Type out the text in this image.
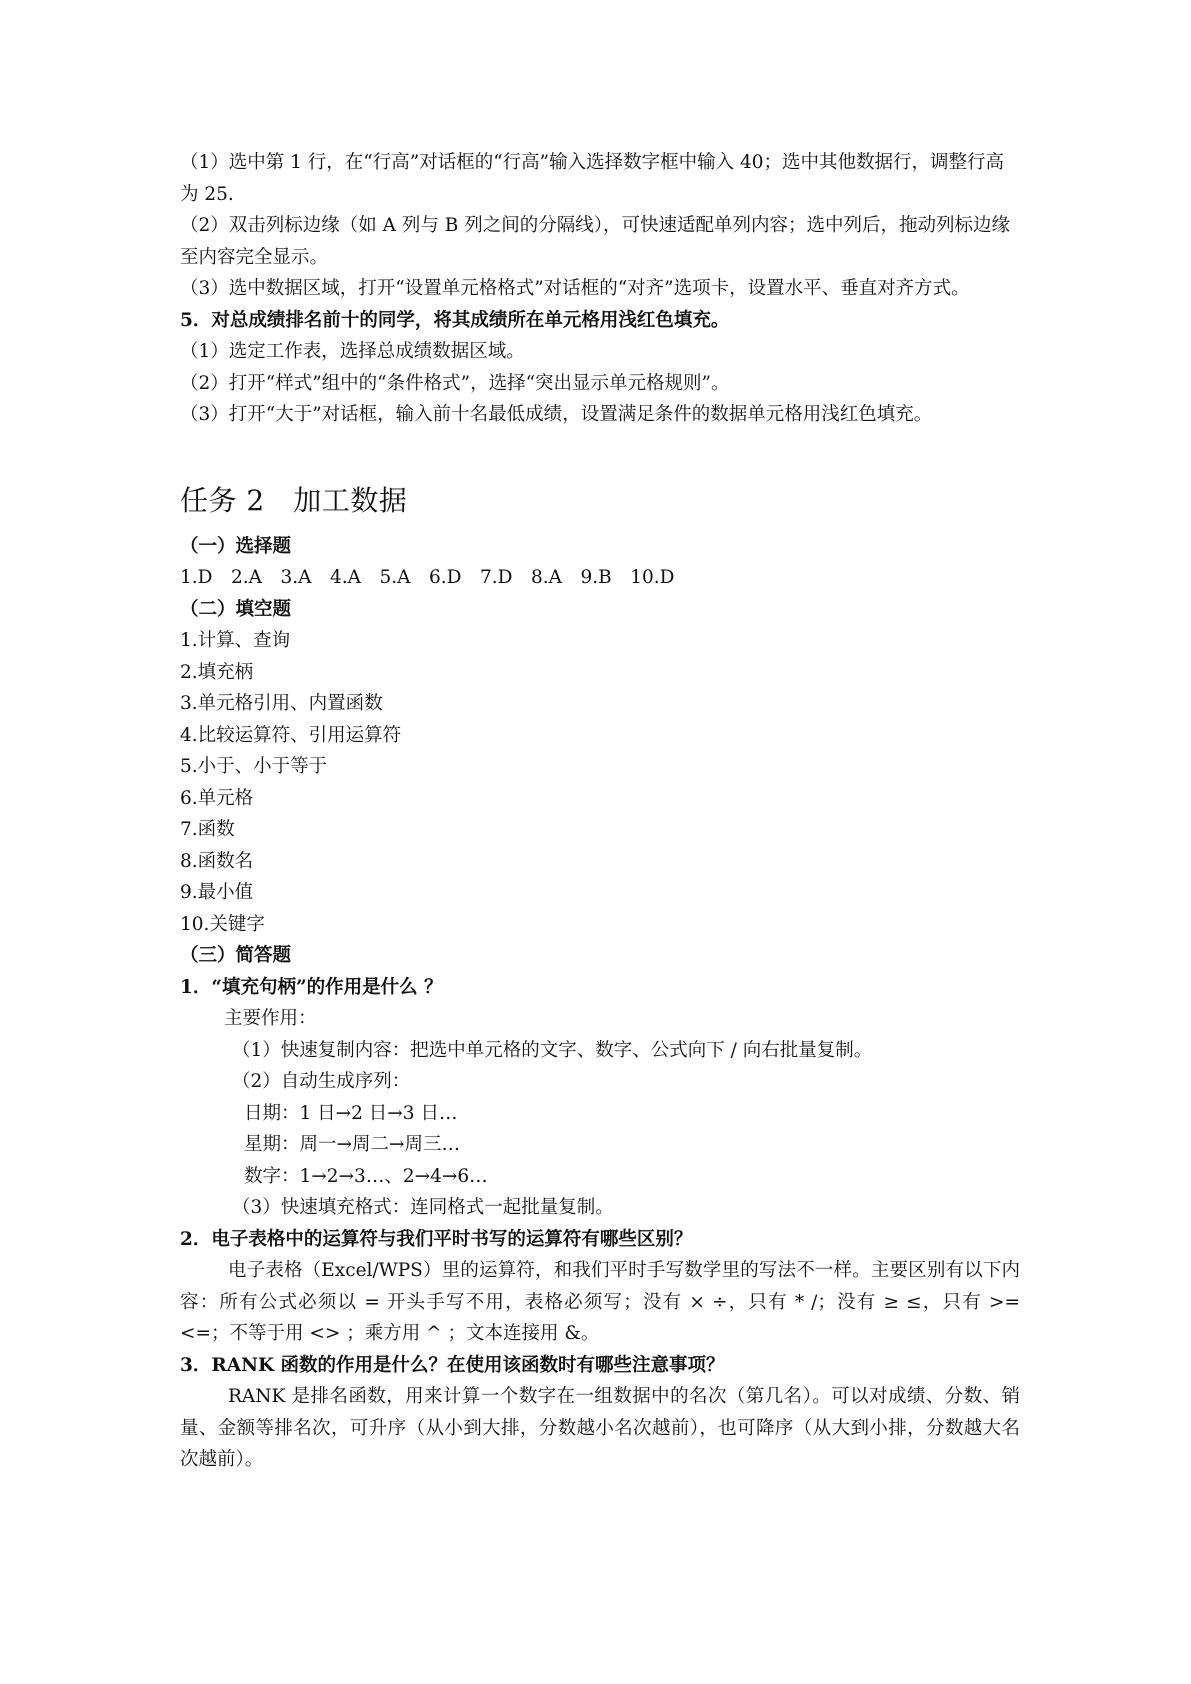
（1）选中第 1 行，在“行高”对话框的“行高”输入选择数字框中输入 40；选中其他数据行，调整行高为 25.

（2）双击列标边缘（如 A 列与 B 列之间的分隔线），可快速适配单列内容；选中列后，拖动列标边缘至内容完全显示。

（3）选中数据区域，打开“设置单元格格式”对话框的“对齐”选项卡，设置水平、垂直对齐方式。

5．对总成绩排名前十的同学，将其成绩所在单元格用浅红色填充。

（1）选定工作表，选择总成绩数据区域。

（2）打开“样式”组中的“条件格式”，选择“突出显示单元格规则”。

（3）打开“大于”对话框，输入前十名最低成绩，设置满足条件的数据单元格用浅红色填充。

任务 2　加工数据

（一）选择题

1.D　2.A　3.A　4.A　5.A　6.D　7.D　8.A　9.B　10.D

（二）填空题

1.计算、查询

2.填充柄

3.单元格引用、内置函数

4.比较运算符、引用运算符

5.小于、小于等于

6.单元格

7.函数

8.函数名

9.最小值

10.关键字

（三）简答题

1．“填充句柄”的作用是什么 ？

主要作用：

（1）快速复制内容：把选中单元格的文字、数字、公式向下 / 向右批量复制。

（2）自动生成序列：

日期：1 日→2 日→3 日…

星期：周一→周二→周三…

数字：1→2→3…、2→4→6…

（3）快速填充格式：连同格式一起批量复制。

2．电子表格中的运算符与我们平时书写的运算符有哪些区别？

电子表格（Excel/WPS）里的运算符，和我们平时手写数学里的写法不一样。主要区别有以下内容：所有公式必须以 = 开头手写不用，表格必须写；没有 × ÷，只有 * /；没有 ≥ ≤，只有 >= <=；不等于用 <> ；乘方用 ^ ；文本连接用 &。

3．RANK 函数的作用是什么？在使用该函数时有哪些注意事项？

RANK 是排名函数，用来计算一个数字在一组数据中的名次（第几名）。可以对成绩、分数、销量、金额等排名次，可升序（从小到大排，分数越小名次越前），也可降序（从大到小排，分数越大名次越前）。
